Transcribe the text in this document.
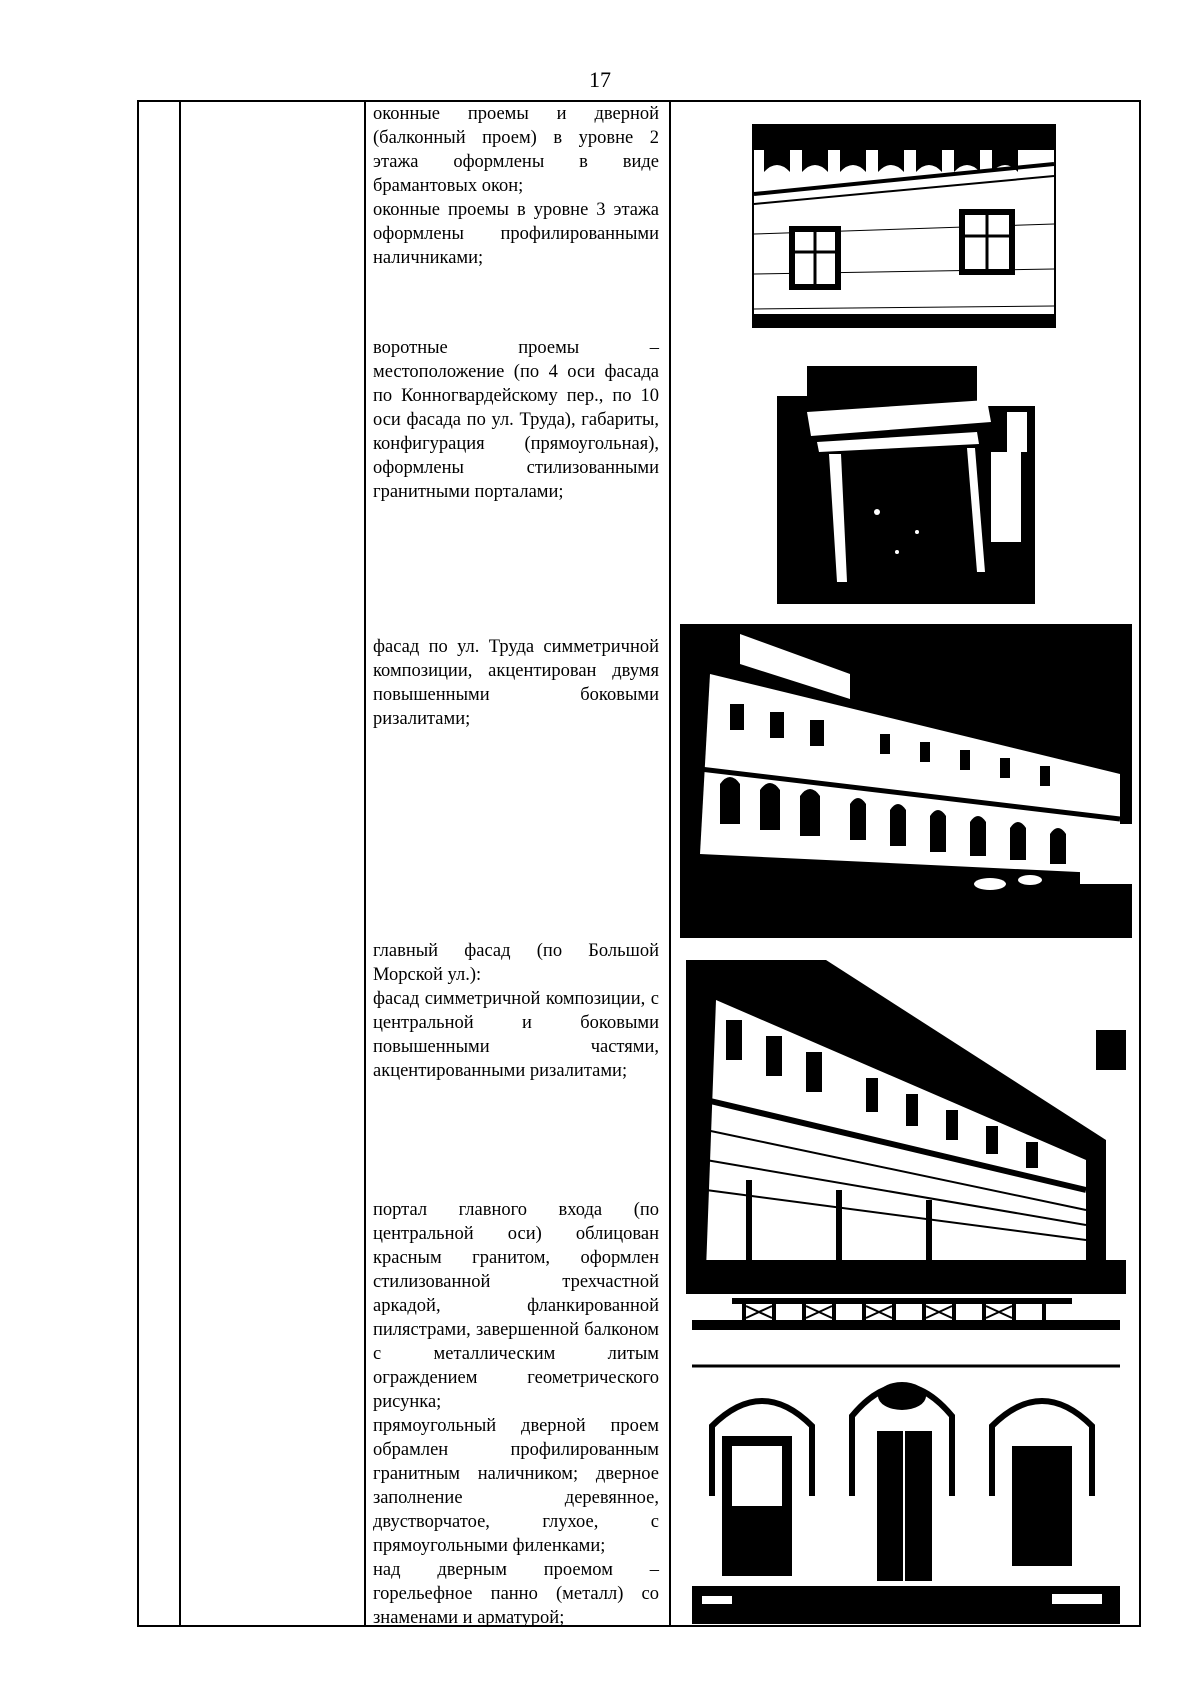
17

оконные проемы и дверной (балконный проем) в уровне 2 этажа оформлены в виде брамантовых окон;

оконные проемы в уровне 3 этажа оформлены профилированными наличниками;

воротные проемы – местоположение (по 4 оси фасада по Конногвардейскому пер., по 10 оси фасада по ул. Труда), габариты, конфигурация (прямоугольная), оформлены стилизованными гранитными порталами;

фасад по ул. Труда симметричной композиции, акцентирован двумя повышенными боковыми ризалитами;

главный фасад (по Большой Морской ул.):

фасад симметричной композиции, с центральной и боковыми повышенными частями, акцентированными ризалитами;

портал главного входа (по центральной оси) облицован красным гранитом, оформлен стилизованной трехчастной аркадой, фланкированной пилястрами, завершенной балконом с металлическим литым ограждением геометрического рисунка;

прямоугольный дверной проем обрамлен профилированным гранитным наличником; дверное заполнение деревянное, двустворчатое, глухое, с прямоугольными филенками;

над дверным проемом – горельефное панно (металл) со знаменами и арматурой;
